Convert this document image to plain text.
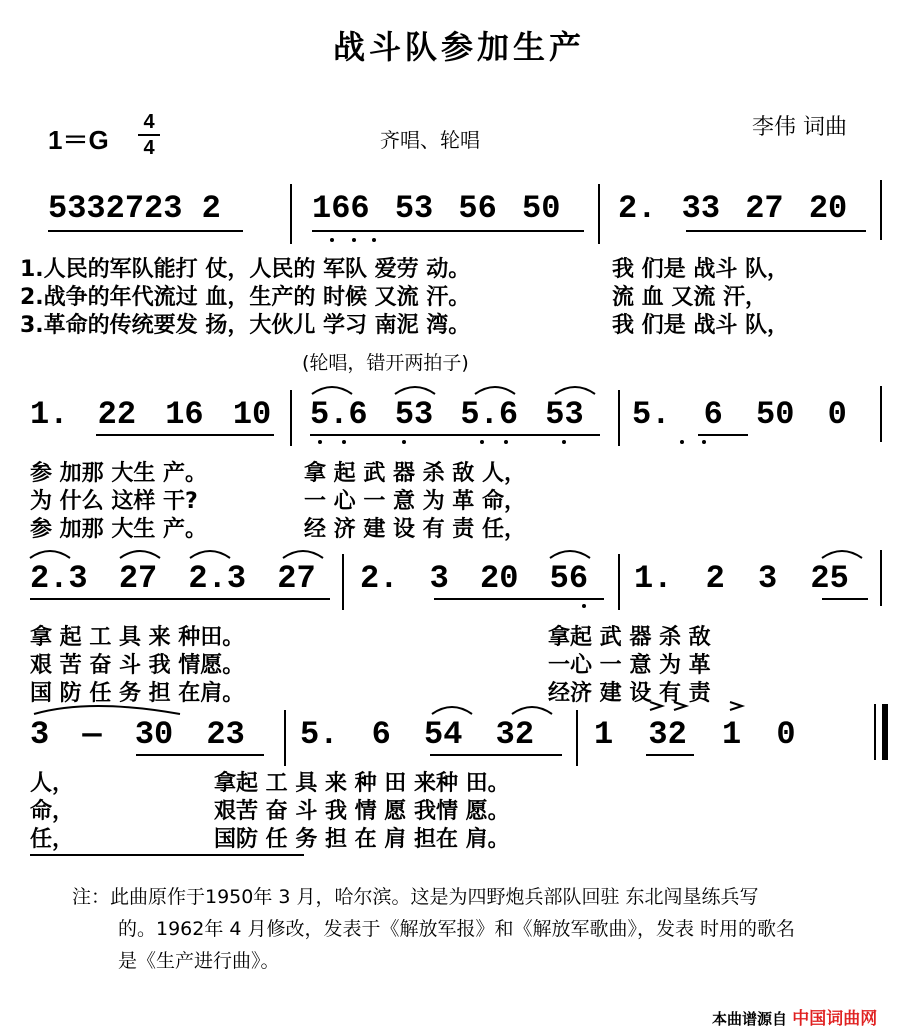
战斗队参加生产
1＝G
4
4	齐唱、轮唱	李伟 词曲
5332723 2	166 53 56 50 2. 33 27 20
1.人民的军队能打 仗，人民的 军队 爱劳 动。
2.战争的年代流过 血，生产的 时候 又流 汗。
3.革命的传统要发 扬，大伙儿 学习 南泥 湾。
我 们是 战斗 队，
流 血 又流 汗，
我 们是 战斗 队，
(轮唱，错开两拍子)
1. 22 16 10 5.6 53 5.6 53 5. 6 50 0
参 加那 大生 产。
为 什么 这样 干?
参 加那 大生 产。
拿 起 武 器 杀 敌 人，
一 心 一 意 为 革 命，
经 济 建 设 有 责 任，
2.3 27 2.3 27 2. 3 20 56 1. 2 3 25
拿 起 工 具 来 种田。
艰 苦 奋 斗 我 情愿。
国 防 任 务 担 在肩。
拿起 武 器 杀 敌
一心 一 意 为 革
经济 建 设 有 责
3 — 30 23 5. 6 54 32 1 32 1 0
人，
命，
任，
拿起 工 具 来 种 田 来种 田。
艰苦 奋 斗 我 情 愿 我情 愿。
国防 任 务 担 在 肩 担在 肩。
注：此曲原作于1950年 3 月，哈尔滨。这是为四野炮兵部队回驻 东北闯垦练兵写
的。1962年 4 月修改，发表于《解放军报》和《解放军歌曲》，发表 时用的歌名
是《生产进行曲》。
本曲谱源自 中国词曲网
